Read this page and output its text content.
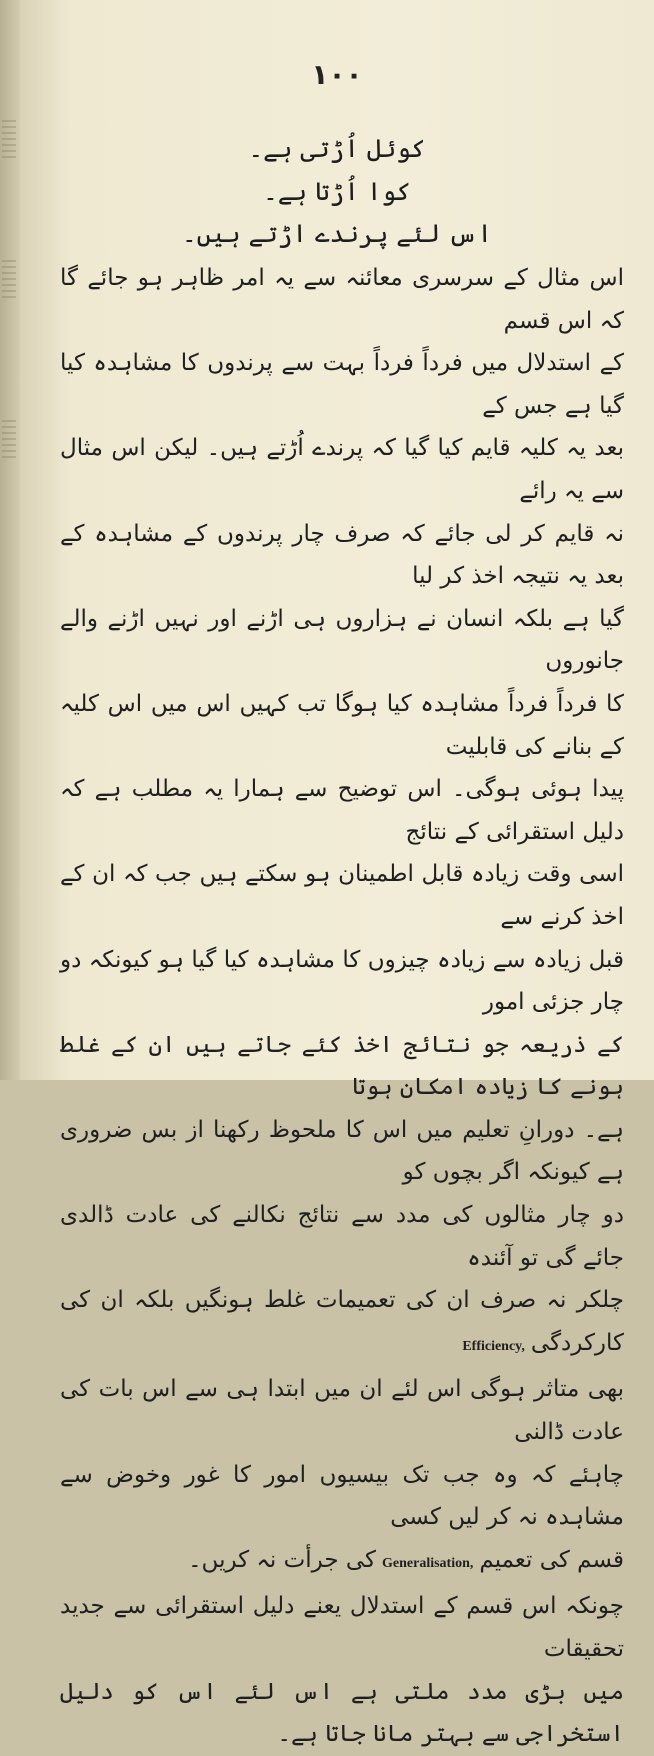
١٠٠
کوئل اُڑتی ہے۔
کوا اُڑتا ہے۔
اس لئے پرندے اڑتے ہیں۔

اس مثال کے سرسری معائنہ سے یہ امر ظاہر ہو جائے گا کہ اس قسم

کے استدلال میں فرداً فرداً بہت سے پرندوں کا مشاہدہ کیا گیا ہے جس کے

بعد یہ کلیہ قایم کیا گیا کہ پرندے اُڑتے ہیں۔ لیکن اس مثال سے یہ رائے

نہ قایم کر لی جائے کہ صرف چار پرندوں کے مشاہدہ کے بعد یہ نتیجہ اخذ کر لیا

گیا ہے بلکہ انسان نے ہزاروں ہی اڑنے اور نہیں اڑنے والے جانوروں

کا فرداً فرداً مشاہدہ کیا ہوگا تب کہیں اس میں اس کلیہ کے بنانے کی قابلیت

پیدا ہوئی ہوگی۔ اس توضیح سے ہمارا یہ مطلب ہے کہ دلیل استقرائی کے نتائج

اسی وقت زیادہ قابل اطمینان ہو سکتے ہیں جب کہ ان کے اخذ کرنے سے

قبل زیادہ سے زیادہ چیزوں کا مشاہدہ کیا گیا ہو کیونکہ دو چار جزئی امور

کے ذریعہ جو نتائج اخذ کئے جاتے ہیں ان کے غلط ہونے کا زیادہ امکان ہوتا

ہے۔ دورانِ تعلیم میں اس کا ملحوظ رکھنا از بس ضروری ہے کیونکہ اگر بچوں کو

دو چار مثالوں کی مدد سے نتائج نکالنے کی عادت ڈالدی جائے گی تو آئندہ

چلکر نہ صرف ان کی تعمیمات غلط ہونگیں بلکہ ان کی کارکردگیEfficiency,

بھی متاثر ہوگی اس لئے ان میں ابتدا ہی سے اس بات کی عادت ڈالنی

چاہئے کہ وہ جب تک بیسیوں امور کا غور وخوض سے مشاہدہ نہ کر لیں کسی

قسم کی تعمیمGeneralisation,کی جرأت نہ کریں۔

چونکہ اس قسم کے استدلال یعنے دلیل استقرائی سے جدید تحقیقات

میں بڑی مدد ملتی ہے اس لئے اس کو دلیل استخراجی سے بہتر مانا جاتا ہے۔
